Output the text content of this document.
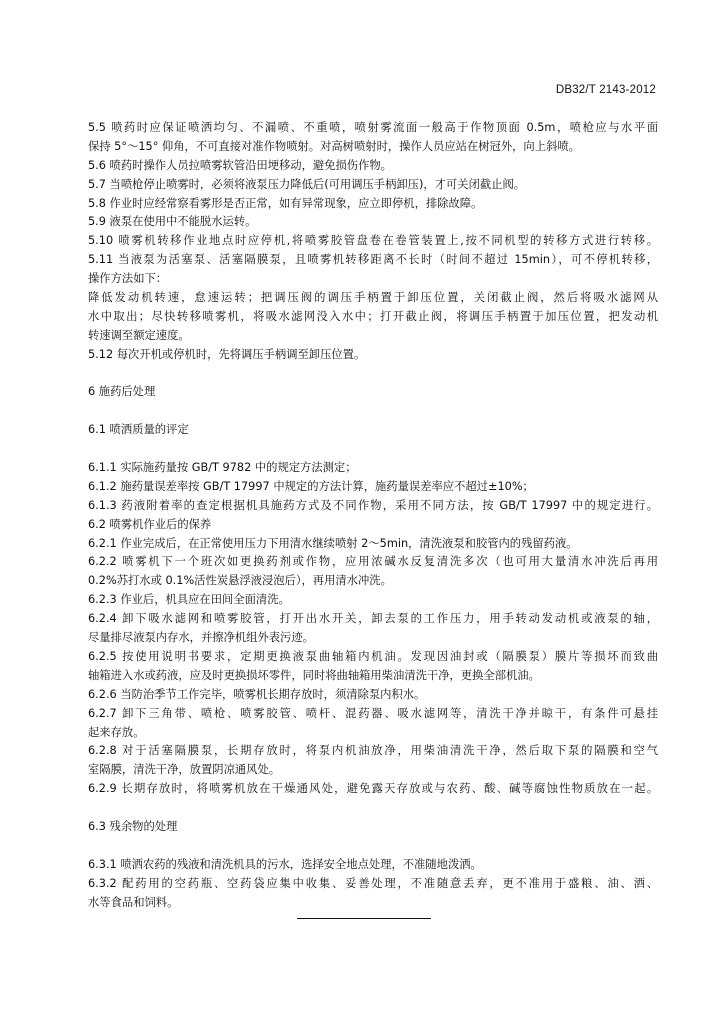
DB32/T 2143-2012
5.5 喷药时应保证喷洒均匀、不漏喷、不重喷，喷射雾流面一般高于作物顶面 0.5m，喷枪应与水平面
保持 5°～15° 仰角，不可直接对准作物喷射。对高树喷射时，操作人员应站在树冠外，向上斜喷。
5.6 喷药时操作人员拉喷雾软管沿田埂移动，避免损伤作物。
5.7 当喷枪停止喷雾时，必须将液泵压力降低后(可用调压手柄卸压)，才可关闭截止阀。
5.8 作业时应经常察看雾形是否正常，如有异常现象，应立即停机，排除故障。
5.9 液泵在使用中不能脱水运转。
5.10 喷雾机转移作业地点时应停机,将喷雾胶管盘卷在卷管装置上,按不同机型的转移方式进行转移。
5.11 当液泵为活塞泵、活塞隔膜泵，且喷雾机转移距离不长时（时间不超过 15min），可不停机转移，
操作方法如下：
降低发动机转速，怠速运转；把调压阀的调压手柄置于卸压位置，关闭截止阀，然后将吸水滤网从
水中取出；尽快转移喷雾机，将吸水滤网没入水中；打开截止阀，将调压手柄置于加压位置，把发动机
转速调至额定速度。
5.12 每次开机或停机时，先将调压手柄调至卸压位置。
6 施药后处理
6.1 喷洒质量的评定
6.1.1 实际施药量按 GB/T 9782 中的规定方法测定；
6.1.2 施药量误差率按 GB/T 17997 中规定的方法计算，施药量误差率应不超过±10%；
6.1.3 药液附着率的查定根据机具施药方式及不同作物，采用不同方法，按 GB/T 17997 中的规定进行。
6.2 喷雾机作业后的保养
6.2.1 作业完成后，在正常使用压力下用清水继续喷射 2～5min，清洗液泵和胶管内的残留药液。
6.2.2 喷雾机下一个班次如更换药剂或作物，应用浓碱水反复清洗多次（也可用大量清水冲洗后再用
0.2%苏打水或 0.1%活性炭悬浮液浸泡后），再用清水冲洗。
6.2.3 作业后，机具应在田间全面清洗。
6.2.4 卸下吸水滤网和喷雾胶管，打开出水开关，卸去泵的工作压力，用手转动发动机或液泵的轴，
尽量排尽液泵内存水，并擦净机组外表污迹。
6.2.5 按使用说明书要求，定期更换液泵曲轴箱内机油。发现因油封或（隔膜泵）膜片等损坏而致曲
轴箱进入水或药液，应及时更换损坏零件，同时将曲轴箱用柴油清洗干净，更换全部机油。
6.2.6 当防治季节工作完毕，喷雾机长期存放时，须清除泵内积水。
6.2.7 卸下三角带、喷枪、喷雾胶管、喷杆、混药器、吸水滤网等，清洗干净并晾干，有条件可悬挂
起来存放。
6.2.8 对于活塞隔膜泵，长期存放时，将泵内机油放净，用柴油清洗干净，然后取下泵的隔膜和空气
室隔膜，清洗干净，放置阴凉通风处。
6.2.9 长期存放时，将喷雾机放在干燥通风处，避免露天存放或与农药、酸、碱等腐蚀性物质放在一起。
6.3 残余物的处理
6.3.1 喷洒农药的残液和清洗机具的污水，选择安全地点处理，不准随地泼洒。
6.3.2 配药用的空药瓶、空药袋应集中收集、妥善处理，不准随意丢弃，更不准用于盛粮、油、酒、
水等食品和饲料。
